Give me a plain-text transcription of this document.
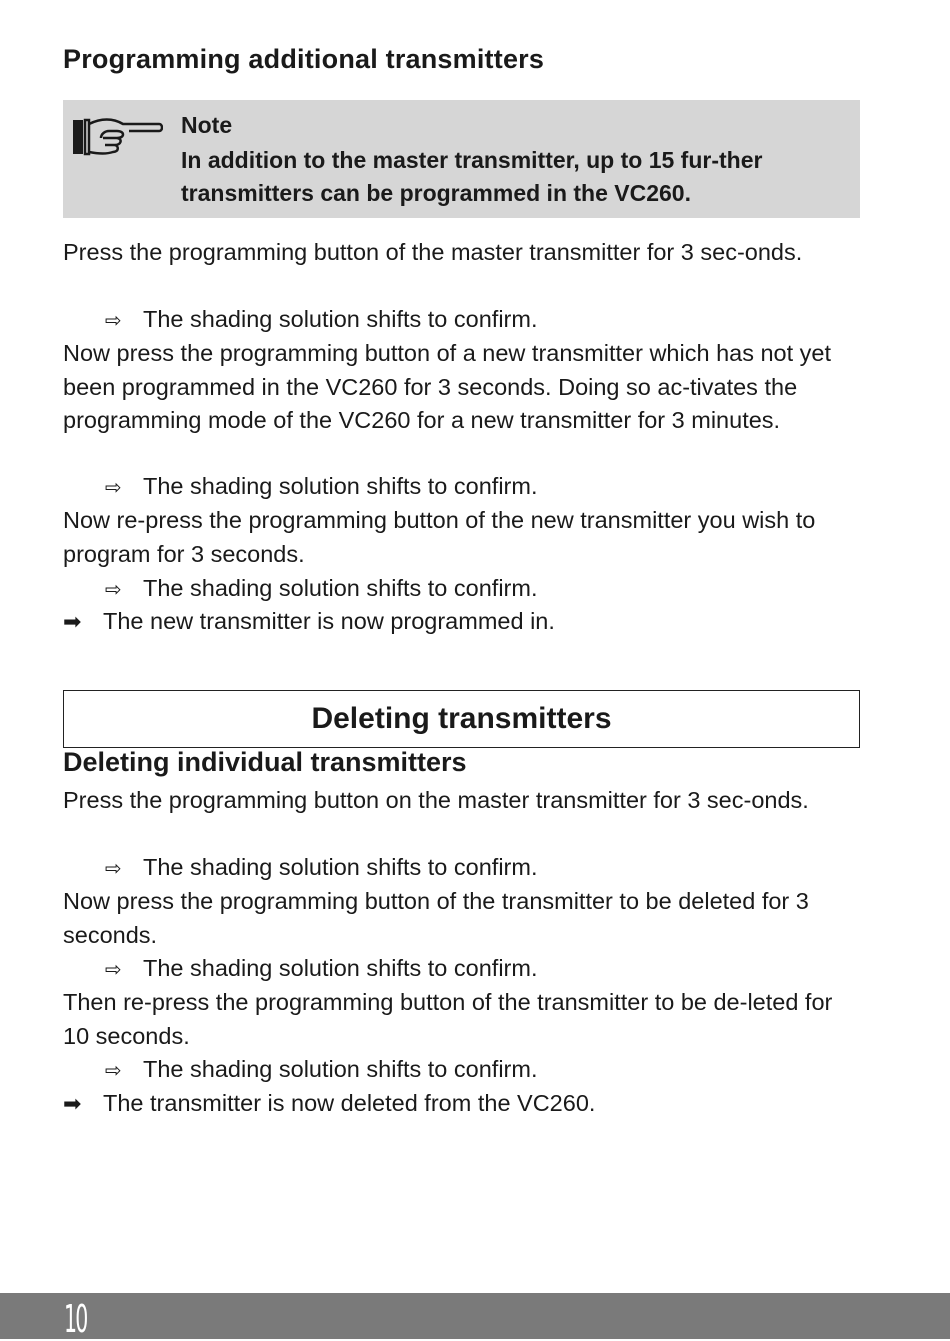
Programming additional transmitters
Note
In addition to the master transmitter, up to 15 fur-ther transmitters can be programmed in the VC260.

Press the programming button of the master transmitter for 3 sec-onds.

⇨ The shading solution shifts to confirm.

Now press the programming button of a new transmitter which has not yet been programmed in the VC260 for 3 seconds. Doing so ac-tivates the programming mode of the VC260 for a new transmitter for 3 minutes.

⇨ The shading solution shifts to confirm.

Now re-press the programming button of the new transmitter you wish to program for 3 seconds.

⇨ The shading solution shifts to confirm.
➡ The new transmitter is now programmed in.
Deleting transmitters
Deleting individual transmitters

Press the programming button on the master transmitter for 3 sec-onds.

⇨ The shading solution shifts to confirm.

Now press the programming button of the transmitter to be deleted for 3 seconds.

⇨ The shading solution shifts to confirm.

Then re-press the programming button of the transmitter to be de-leted for 10 seconds.

⇨ The shading solution shifts to confirm.
➡ The transmitter is now deleted from the VC260.
10
